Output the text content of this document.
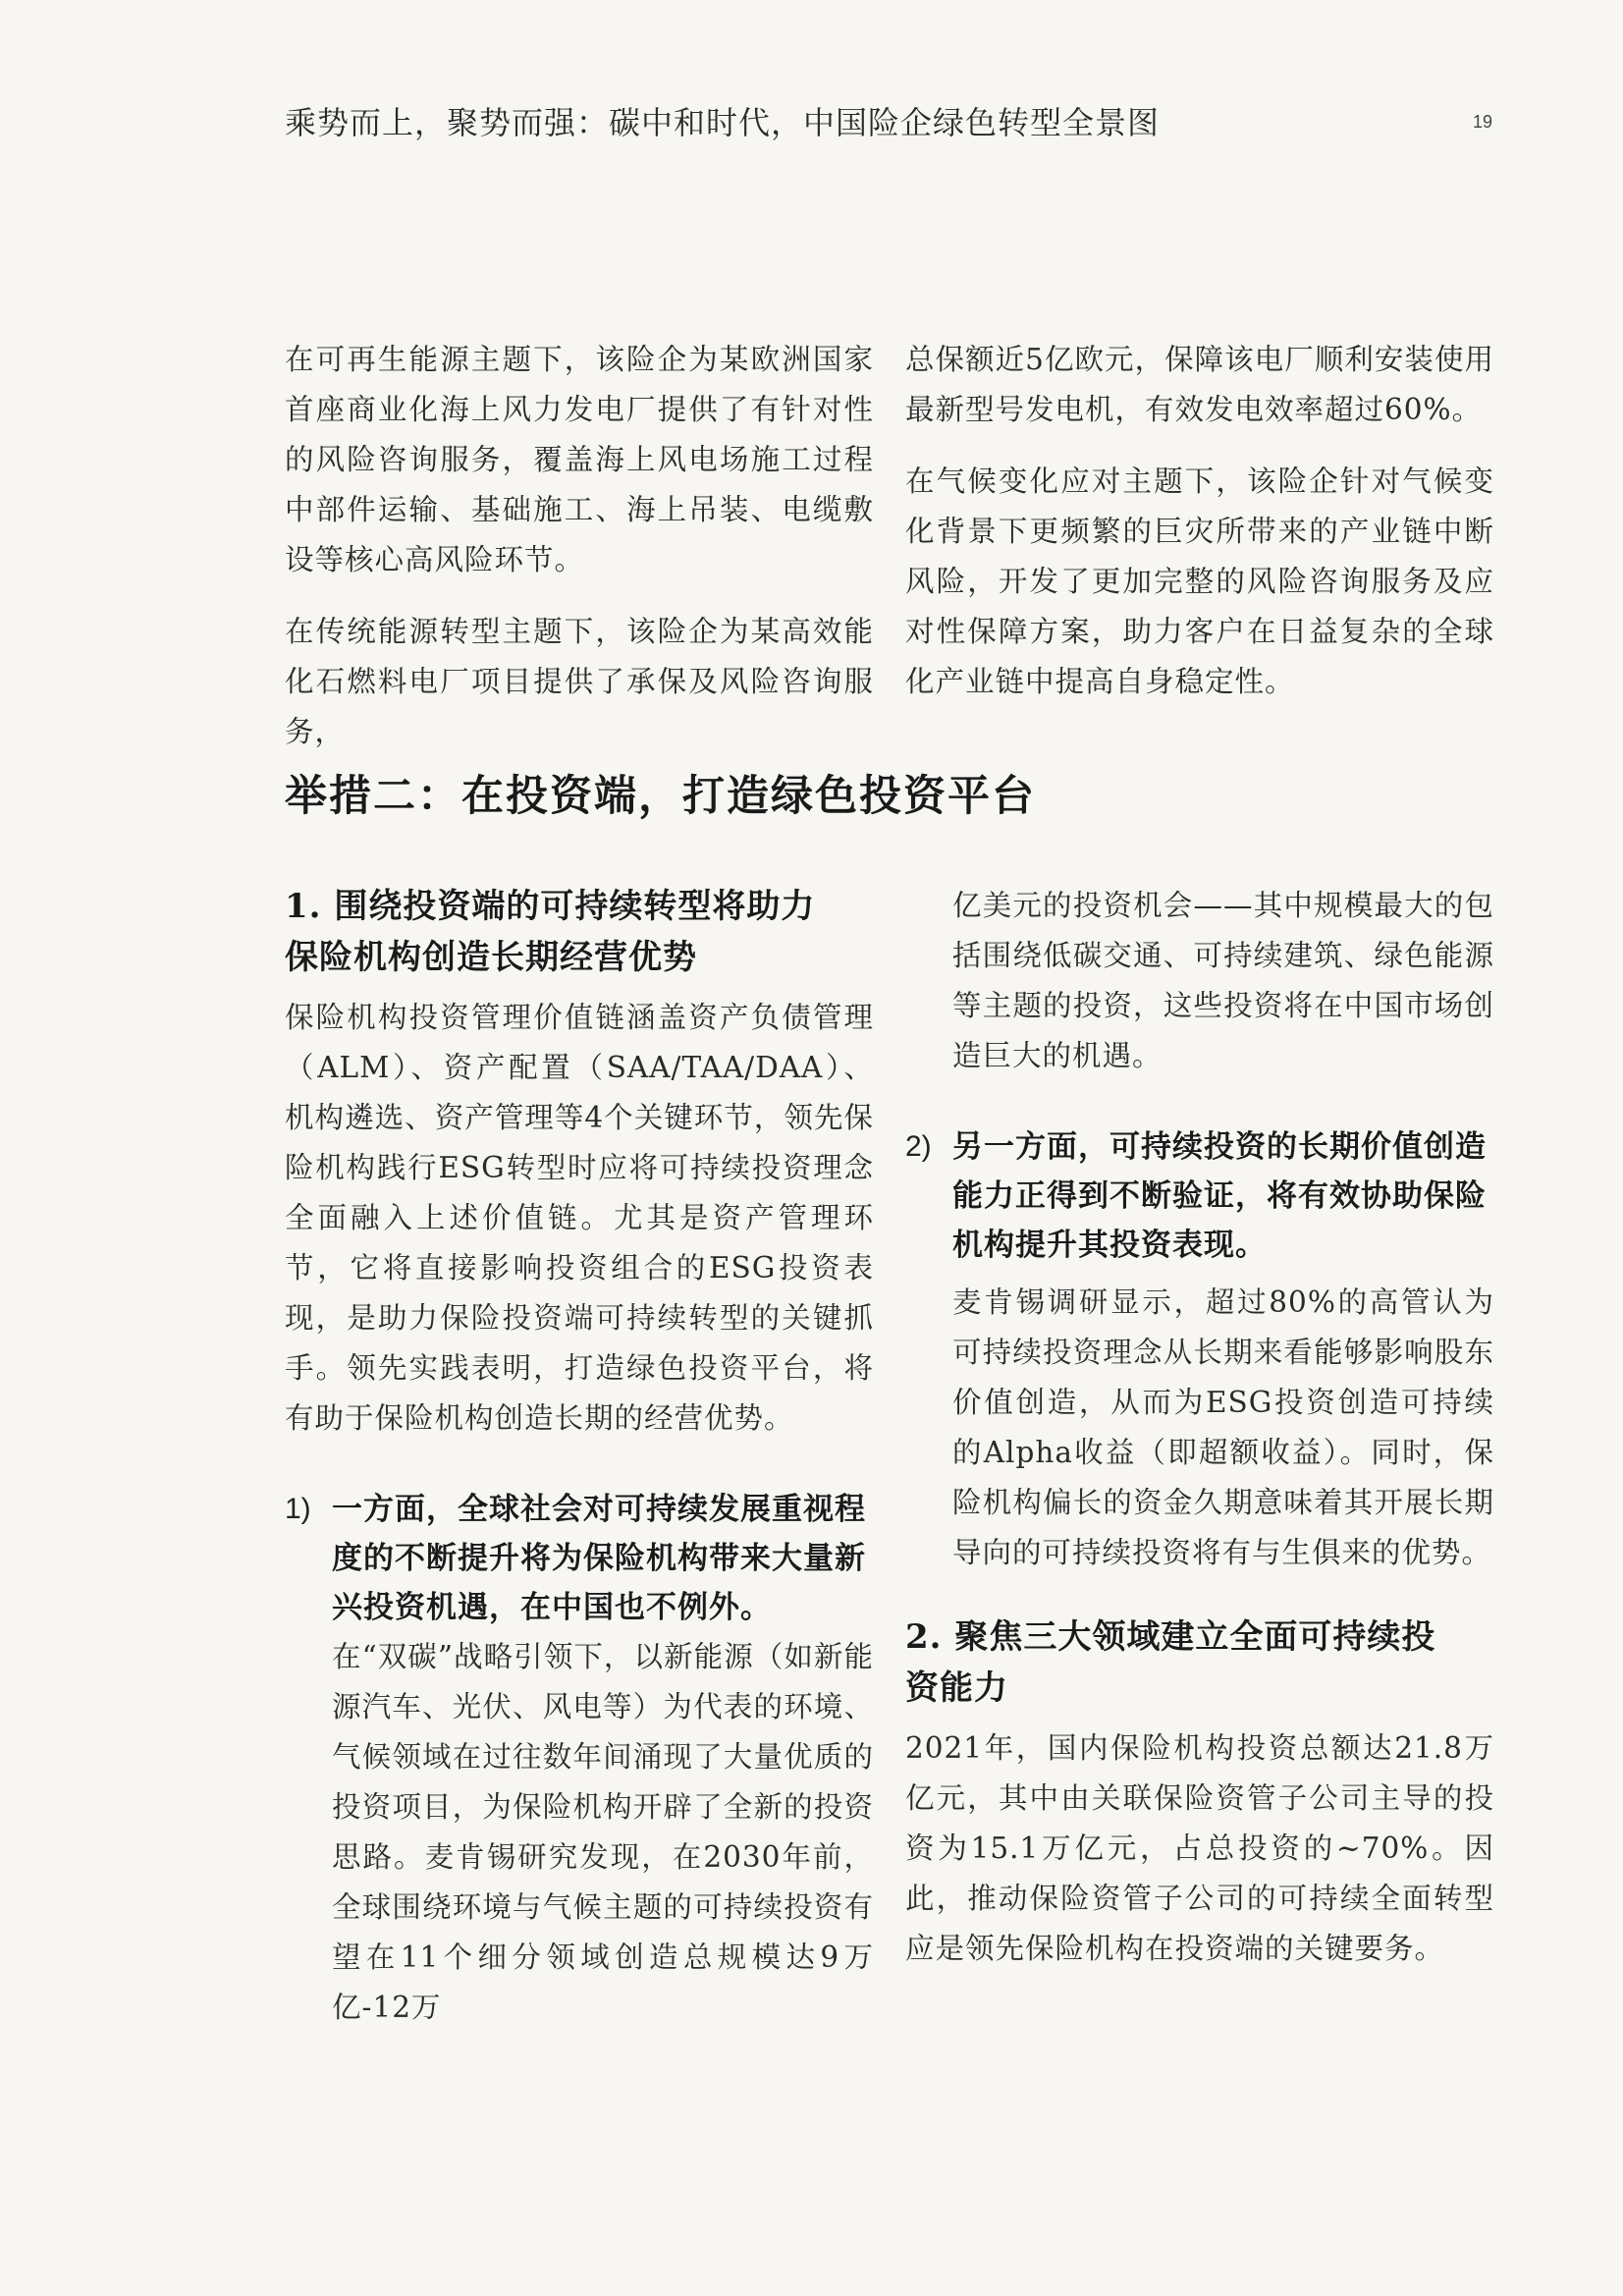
乘势而上，聚势而强：碳中和时代，中国险企绿色转型全景图	19

在可再生能源主题下，该险企为某欧洲国家首座商业化海上风力发电厂提供了有针对性的风险咨询服务，覆盖海上风电场施工过程中部件运输、基础施工、海上吊装、电缆敷设等核心高风险环节。

在传统能源转型主题下，该险企为某高效能化石燃料电厂项目提供了承保及风险咨询服务，

总保额近5亿欧元，保障该电厂顺利安装使用最新型号发电机，有效发电效率超过60%。

在气候变化应对主题下，该险企针对气候变化背景下更频繁的巨灾所带来的产业链中断风险，开发了更加完整的风险咨询服务及应对性保障方案，助力客户在日益复杂的全球化产业链中提高自身稳定性。

举措二：在投资端，打造绿色投资平台
1. 围绕投资端的可持续转型将助力
保险机构创造长期经营优势

保险机构投资管理价值链涵盖资产负债管理（ALM）、资产配置（SAA/TAA/DAA）、机构遴选、资产管理等4个关键环节，领先保险机构践行ESG转型时应将可持续投资理念全面融入上述价值链。尤其是资产管理环节，它将直接影响投资组合的ESG投资表现，是助力保险投资端可持续转型的关键抓手。领先实践表明，打造绿色投资平台，将有助于保险机构创造长期的经营优势。

1) 一方面，全球社会对可持续发展重视程度的不断提升将为保险机构带来大量新兴投资机遇，在中国也不例外。

在“双碳”战略引领下，以新能源（如新能源汽车、光伏、风电等）为代表的环境、气候领域在过往数年间涌现了大量优质的投资项目，为保险机构开辟了全新的投资思路。麦肯锡研究发现，在2030年前，全球围绕环境与气候主题的可持续投资有望在11个细分领域创造总规模达9万亿-12万

亿美元的投资机会——其中规模最大的包括围绕低碳交通、可持续建筑、绿色能源等主题的投资，这些投资将在中国市场创造巨大的机遇。

2) 另一方面，可持续投资的长期价值创造能力正得到不断验证，将有效协助保险机构提升其投资表现。

麦肯锡调研显示，超过80%的高管认为可持续投资理念从长期来看能够影响股东价值创造，从而为ESG投资创造可持续的Alpha收益（即超额收益）。同时，保险机构偏长的资金久期意味着其开展长期导向的可持续投资将有与生俱来的优势。

2. 聚焦三大领域建立全面可持续投
资能力

2021年，国内保险机构投资总额达21.8万亿元，其中由关联保险资管子公司主导的投资为15.1万亿元，占总投资的~70%。因此，推动保险资管子公司的可持续全面转型应是领先保险机构在投资端的关键要务。
